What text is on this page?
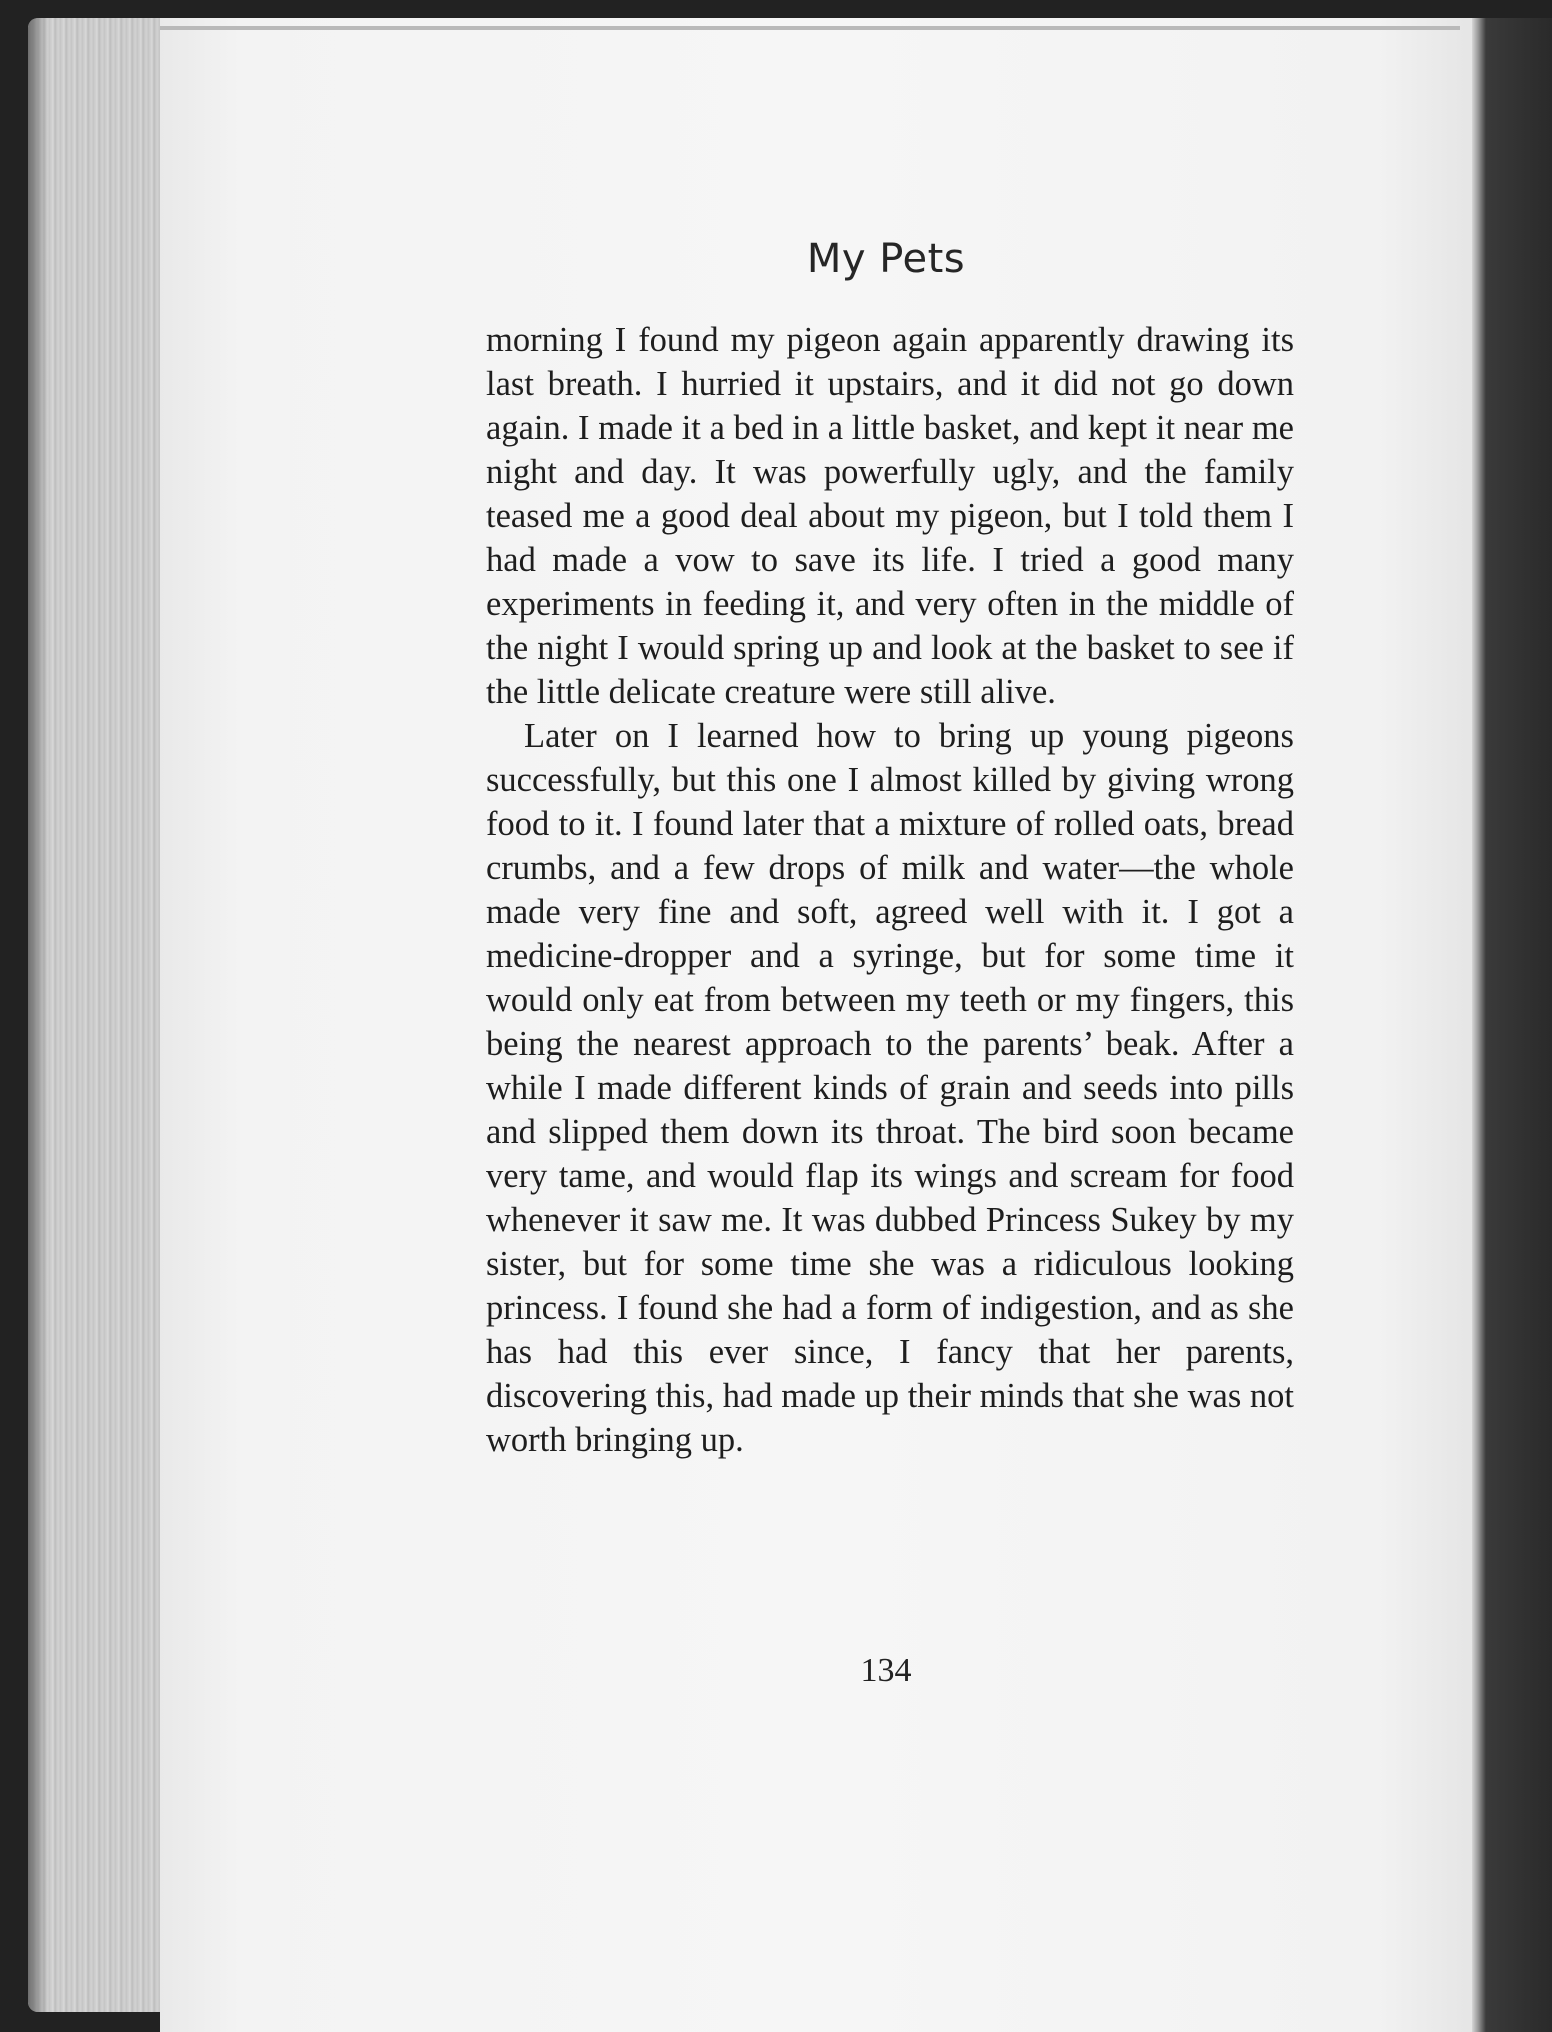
My Pets

morning I found my pigeon again apparently drawing its last breath. I hurried it upstairs, and it did not go down again. I made it a bed in a little basket, and kept it near me night and day. It was powerfully ugly, and the family teased me a good deal about my pigeon, but I told them I had made a vow to save its life. I tried a good many experiments in feeding it, and very often in the middle of the night I would spring up and look at the basket to see if the little delicate creature were still alive.

Later on I learned how to bring up young pigeons successfully, but this one I almost killed by giving wrong food to it. I found later that a mixture of rolled oats, bread crumbs, and a few drops of milk and water—the whole made very fine and soft, agreed well with it. I got a medicine-dropper and a syringe, but for some time it would only eat from between my teeth or my fingers, this being the nearest approach to the parents’ beak. After a while I made different kinds of grain and seeds into pills and slipped them down its throat. The bird soon became very tame, and would flap its wings and scream for food whenever it saw me. It was dubbed Princess Sukey by my sister, but for some time she was a ridiculous looking princess. I found she had a form of indigestion, and as she has had this ever since, I fancy that her parents, discovering this, had made up their minds that she was not worth bringing up.

134
